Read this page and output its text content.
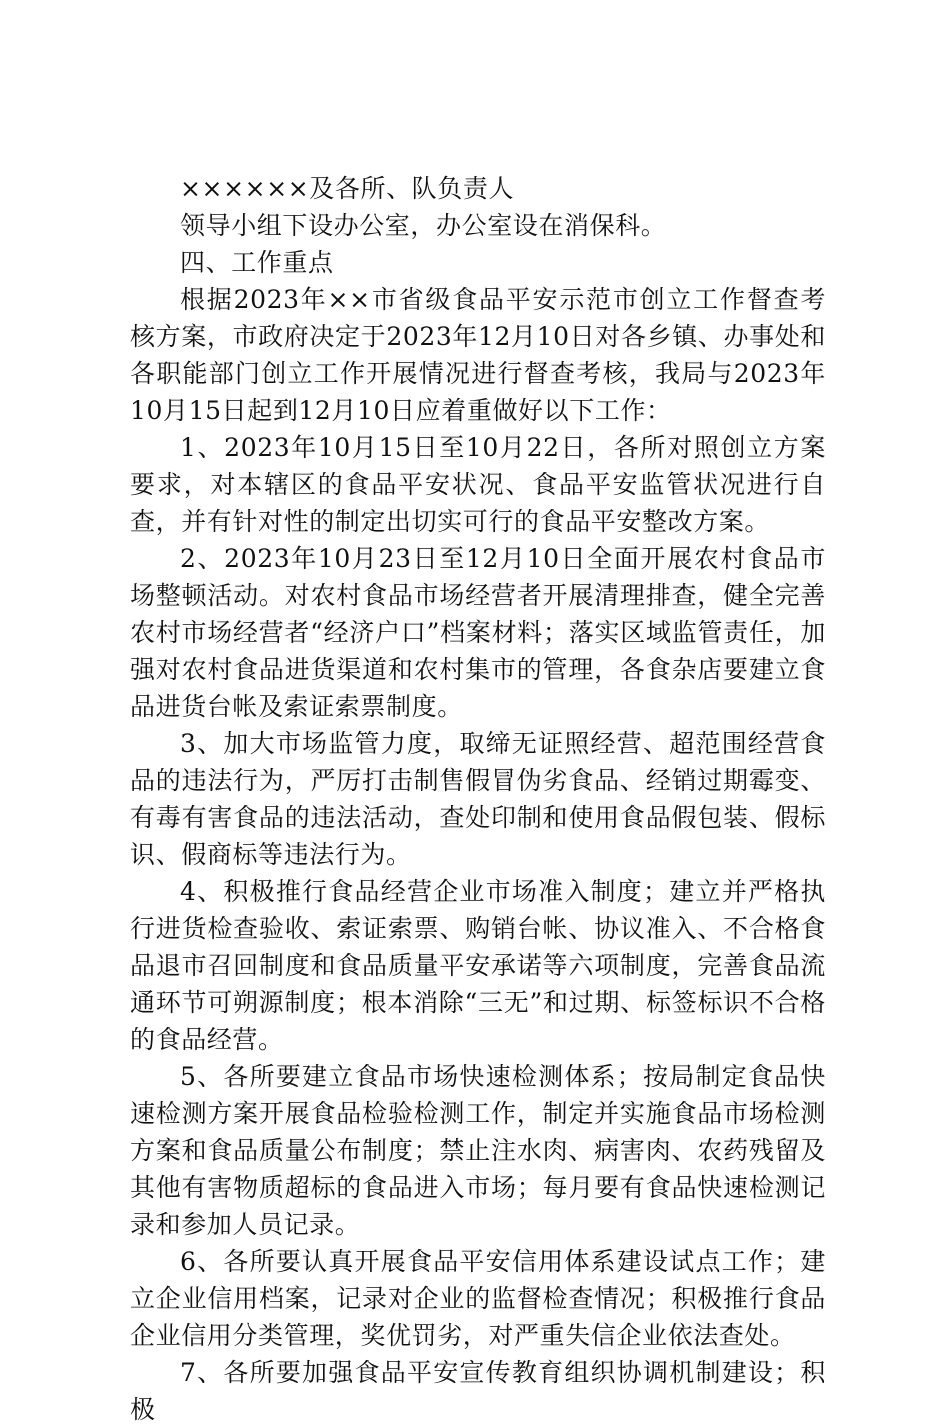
××××××及各所、队负责人

领导小组下设办公室，办公室设在消保科。

四、工作重点

根据2023年××市省级食品平安示范市创立工作督查考核方案，市政府决定于2023年12月10日对各乡镇、办事处和各职能部门创立工作开展情况进行督查考核，我局与2023年10月15日起到12月10日应着重做好以下工作：

1、2023年10月15日至10月22日，各所对照创立方案要求，对本辖区的食品平安状况、食品平安监管状况进行自查，并有针对性的制定出切实可行的食品平安整改方案。

2、2023年10月23日至12月10日全面开展农村食品市场整顿活动。对农村食品市场经营者开展清理排查，健全完善农村市场经营者“经济户口”档案材料；落实区域监管责任，加强对农村食品进货渠道和农村集市的管理，各食杂店要建立食品进货台帐及索证索票制度。

3、加大市场监管力度，取缔无证照经营、超范围经营食品的违法行为，严厉打击制售假冒伪劣食品、经销过期霉变、有毒有害食品的违法活动，查处印制和使用食品假包装、假标识、假商标等违法行为。

4、积极推行食品经营企业市场准入制度；建立并严格执行进货检查验收、索证索票、购销台帐、协议准入、不合格食品退市召回制度和食品质量平安承诺等六项制度，完善食品流通环节可朔源制度；根本消除“三无”和过期、标签标识不合格的食品经营。

5、各所要建立食品市场快速检测体系；按局制定食品快速检测方案开展食品检验检测工作，制定并实施食品市场检测方案和食品质量公布制度；禁止注水肉、病害肉、农药残留及其他有害物质超标的食品进入市场；每月要有食品快速检测记录和参加人员记录。

6、各所要认真开展食品平安信用体系建设试点工作；建立企业信用档案，记录对企业的监督检查情况；积极推行食品企业信用分类管理，奖优罚劣，对严重失信企业依法查处。

7、各所要加强食品平安宣传教育组织协调机制建设；积极
